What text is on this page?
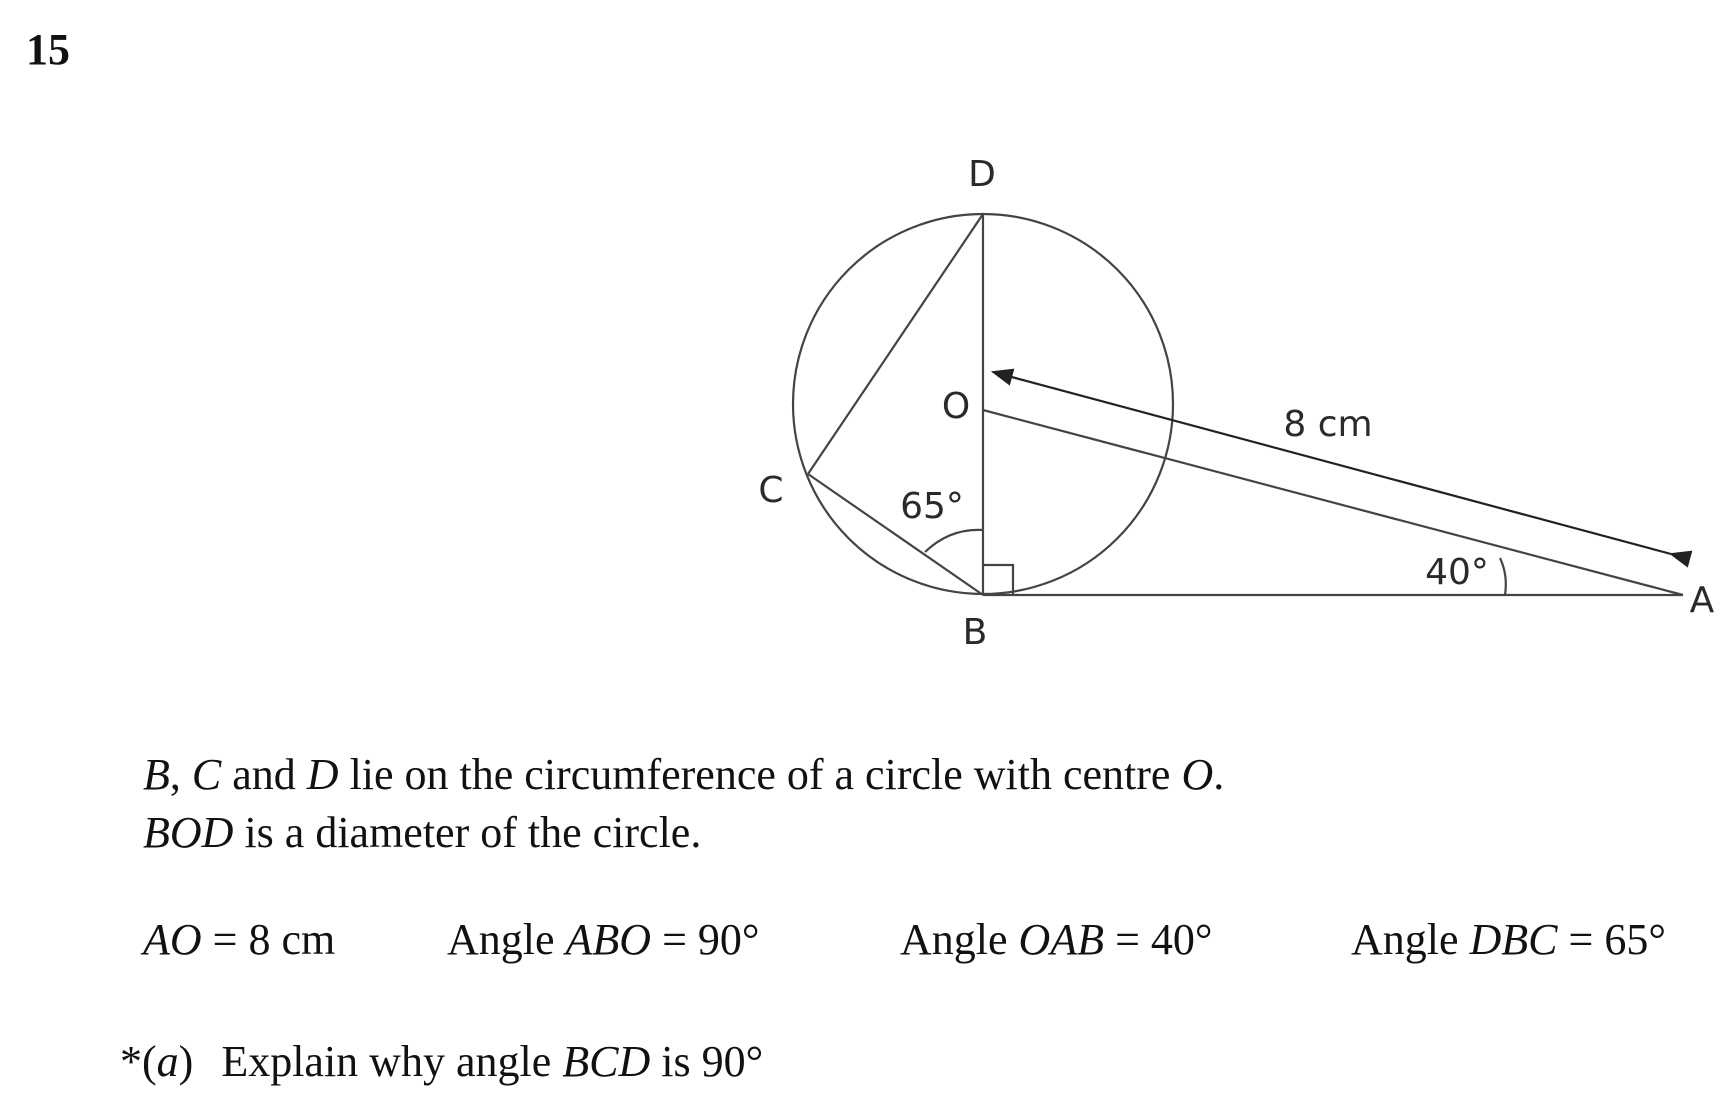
15
D
O
C
B
A
8 cm
65°
40°
B, C and D lie on the circumference of a circle with centre O.
BOD is a diameter of the circle.
AO = 8 cm	Angle ABO = 90°	Angle OAB = 40°	Angle DBC = 65°
*(a) Explain why angle BCD is 90°
